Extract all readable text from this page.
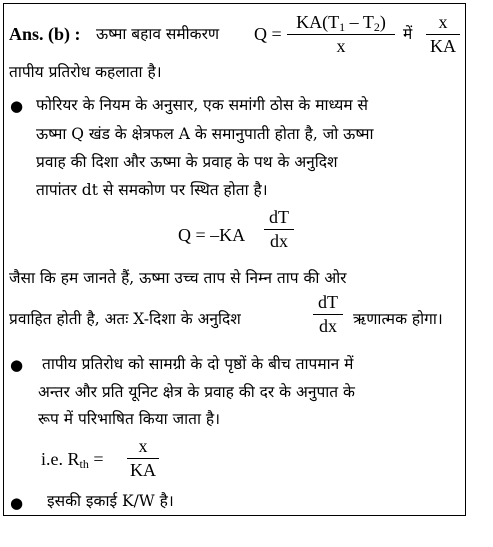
Ans. (b) : ऊष्मा बहाव समीकरण Q =
$KA(T_1 - T_2)$
x
में
x
KA
तापीय प्रतिरोध कहलाता है।
● फोरियर के नियम के अनुसार, एक समांगी ठोस के माध्यम से
ऊष्मा Q खंड के क्षेत्रफल A के समानुपाती होता है, जो ऊष्मा
प्रवाह की दिशा और ऊष्मा के प्रवाह के पथ के अनुदिश
तापांतर dt से समकोण पर स्थित होता है।
Q = –KA
dT
dx
जैसा कि हम जानते हैं, ऊष्मा उच्च ताप से निम्न ताप की ओर
प्रवाहित होती है, अतः X-दिशा के अनुदिश
dT
dx	ऋणात्मक होगा।
● तापीय प्रतिरोध को सामग्री के दो पृष्ठों के बीच तापमान में
अन्तर और प्रति यूनिट क्षेत्र के प्रवाह की दर के अनुपात के
रूप में परिभाषित किया जाता है।
i.e. $R_{th}$ =
x
KA
● इसकी इकाई K/W है।
